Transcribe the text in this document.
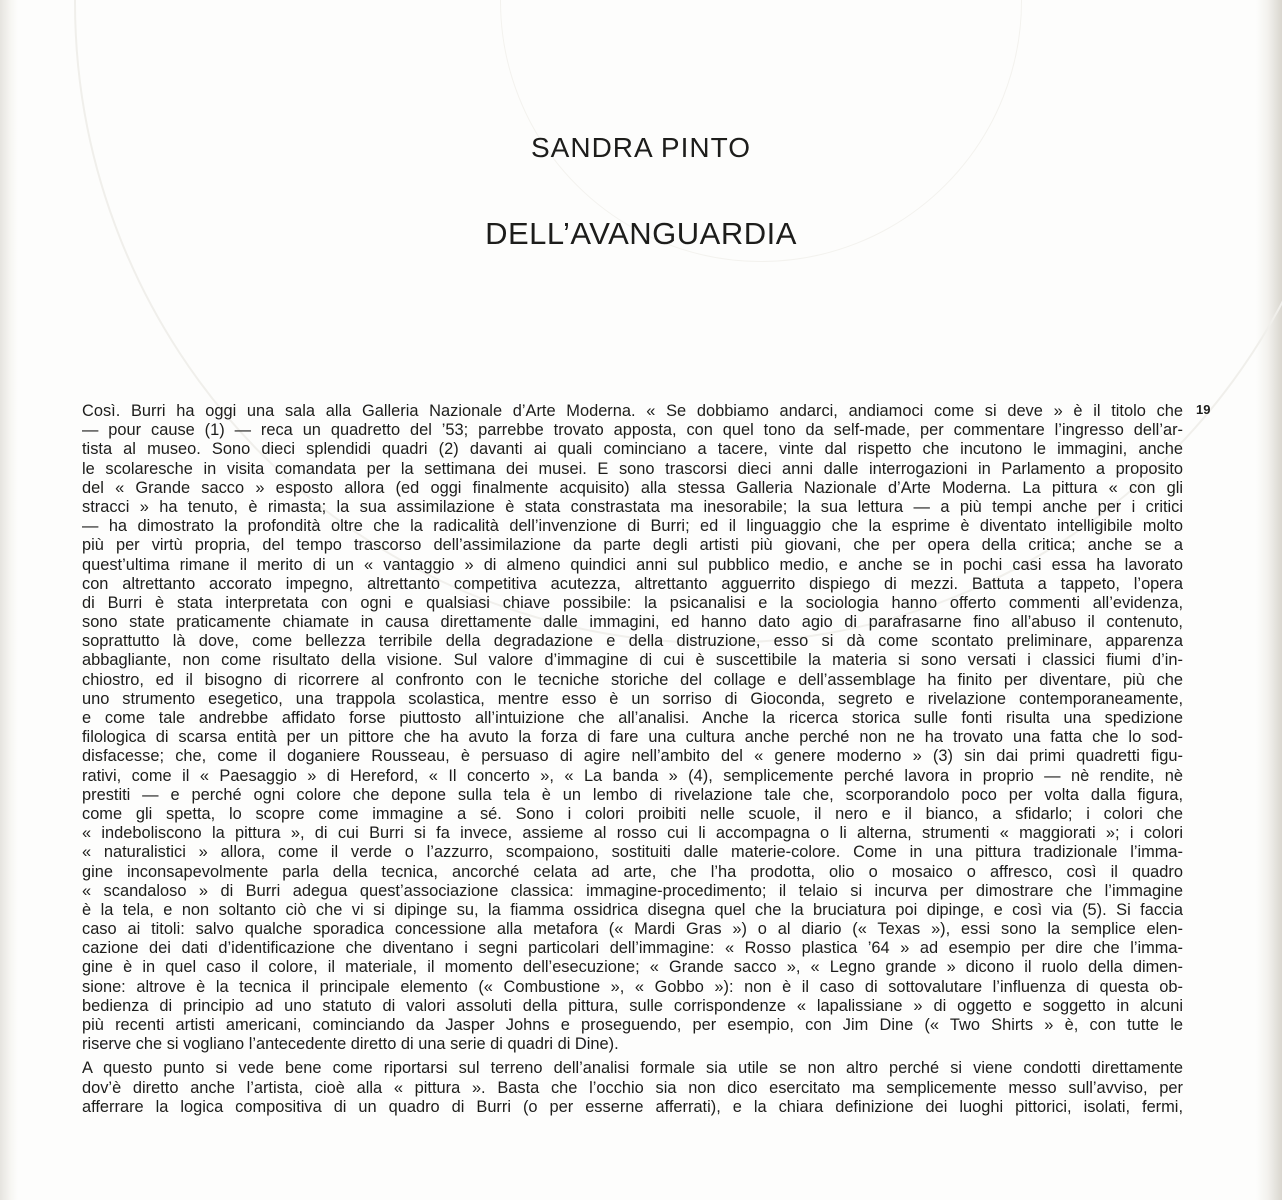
SANDRA PINTO
DELL’AVANGUARDIA
19

Così. Burri ha oggi una sala alla Galleria Nazionale d’Arte Moderna. « Se dobbiamo andarci, andiamoci come si deve » è il titolo che
— pour cause (1) — reca un quadretto del ’53; parrebbe trovato apposta, con quel tono da self-made, per commentare l’ingresso dell’ar-
tista al museo. Sono dieci splendidi quadri (2) davanti ai quali cominciano a tacere, vinte dal rispetto che incutono le immagini, anche
le scolaresche in visita comandata per la settimana dei musei. E sono trascorsi dieci anni dalle interrogazioni in Parlamento a proposito
del « Grande sacco » esposto allora (ed oggi finalmente acquisito) alla stessa Galleria Nazionale d’Arte Moderna. La pittura « con gli
stracci » ha tenuto, è rimasta; la sua assimilazione è stata constrastata ma inesorabile; la sua lettura — a più tempi anche per i critici
— ha dimostrato la profondità oltre che la radicalità dell’invenzione di Burri; ed il linguaggio che la esprime è diventato intelligibile molto
più per virtù propria, del tempo trascorso dell’assimilazione da parte degli artisti più giovani, che per opera della critica; anche se a
quest’ultima rimane il merito di un « vantaggio » di almeno quindici anni sul pubblico medio, e anche se in pochi casi essa ha lavorato
con altrettanto accorato impegno, altrettanto competitiva acutezza, altrettanto agguerrito dispiego di mezzi. Battuta a tappeto, l’opera
di Burri è stata interpretata con ogni e qualsiasi chiave possibile: la psicanalisi e la sociologia hanno offerto commenti all’evidenza,
sono state praticamente chiamate in causa direttamente dalle immagini, ed hanno dato agio di parafrasarne fino all’abuso il contenuto,
soprattutto là dove, come bellezza terribile della degradazione e della distruzione, esso si dà come scontato preliminare, apparenza
abbagliante, non come risultato della visione. Sul valore d’immagine di cui è suscettibile la materia si sono versati i classici fiumi d’in-
chiostro, ed il bisogno di ricorrere al confronto con le tecniche storiche del collage e dell’assemblage ha finito per diventare, più che
uno strumento esegetico, una trappola scolastica, mentre esso è un sorriso di Gioconda, segreto e rivelazione contemporaneamente,
e come tale andrebbe affidato forse piuttosto all’intuizione che all’analisi. Anche la ricerca storica sulle fonti risulta una spedizione
filologica di scarsa entità per un pittore che ha avuto la forza di fare una cultura anche perché non ne ha trovato una fatta che lo sod-
disfacesse; che, come il doganiere Rousseau, è persuaso di agire nell’ambito del « genere moderno » (3) sin dai primi quadretti figu-
rativi, come il « Paesaggio » di Hereford, « Il concerto », « La banda » (4), semplicemente perché lavora in proprio — nè rendite, nè
prestiti — e perché ogni colore che depone sulla tela è un lembo di rivelazione tale che, scorporandolo poco per volta dalla figura,
come gli spetta, lo scopre come immagine a sé. Sono i colori proibiti nelle scuole, il nero e il bianco, a sfidarlo; i colori che
« indeboliscono la pittura », di cui Burri si fa invece, assieme al rosso cui li accompagna o li alterna, strumenti « maggiorati »; i colori
« naturalistici » allora, come il verde o l’azzurro, scompaiono, sostituiti dalle materie-colore. Come in una pittura tradizionale l’imma-
gine inconsapevolmente parla della tecnica, ancorché celata ad arte, che l’ha prodotta, olio o mosaico o affresco, così il quadro
« scandaloso » di Burri adegua quest’associazione classica: immagine-procedimento; il telaio si incurva per dimostrare che l’immagine
è la tela, e non soltanto ciò che vi si dipinge su, la fiamma ossidrica disegna quel che la bruciatura poi dipinge, e così via (5). Si faccia
caso ai titoli: salvo qualche sporadica concessione alla metafora (« Mardi Gras ») o al diario (« Texas »), essi sono la semplice elen-
cazione dei dati d’identificazione che diventano i segni particolari dell’immagine: « Rosso plastica ’64 » ad esempio per dire che l’imma-
gine è in quel caso il colore, il materiale, il momento dell’esecuzione; « Grande sacco », « Legno grande » dicono il ruolo della dimen-
sione: altrove è la tecnica il principale elemento (« Combustione », « Gobbo »): non è il caso di sottovalutare l’influenza di questa ob-
bedienza di principio ad uno statuto di valori assoluti della pittura, sulle corrispondenze « lapalissiane » di oggetto e soggetto in alcuni
più recenti artisti americani, cominciando da Jasper Johns e proseguendo, per esempio, con Jim Dine (« Two Shirts » è, con tutte le
riserve che si vogliano l’antecedente diretto di una serie di quadri di Dine).

A questo punto si vede bene come riportarsi sul terreno dell’analisi formale sia utile se non altro perché si viene condotti direttamente
dov’è diretto anche l’artista, cioè alla « pittura ». Basta che l’occhio sia non dico esercitato ma semplicemente messo sull’avviso, per
afferrare la logica compositiva di un quadro di Burri (o per esserne afferrati), e la chiara definizione dei luoghi pittorici, isolati, fermi,
